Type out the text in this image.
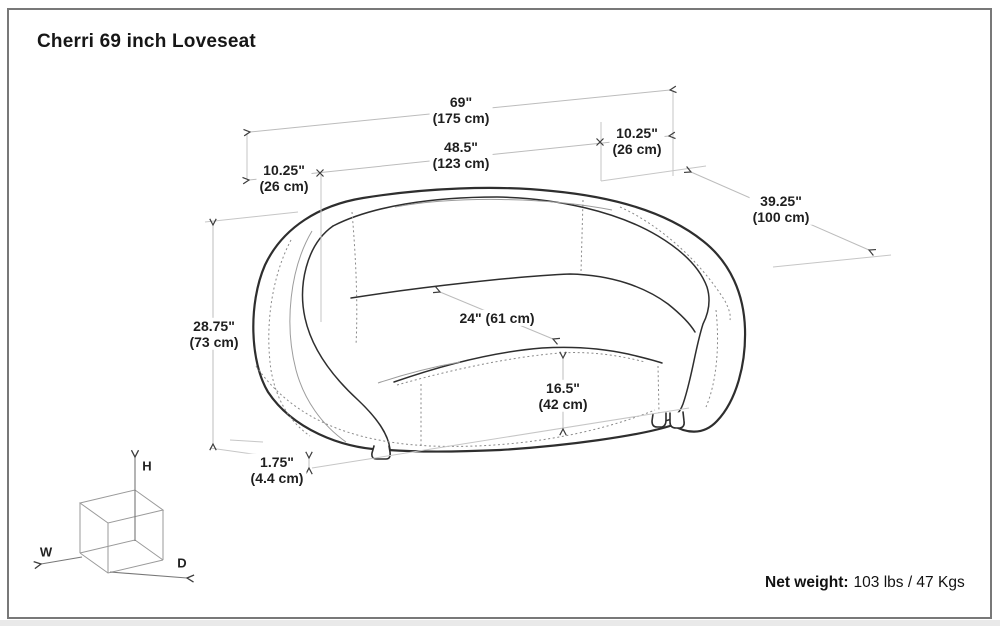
Cherri 69 inch Loveseat
69"
(175 cm)
48.5"
(123 cm)
10.25"
(26 cm)
10.25"
(26 cm)
39.25"
(100 cm)
28.75"
(73 cm)
24" (61 cm)
16.5"
(42 cm)
1.75"
(4.4 cm)
H
W
D
Net weight: 103 lbs / 47 Kgs
